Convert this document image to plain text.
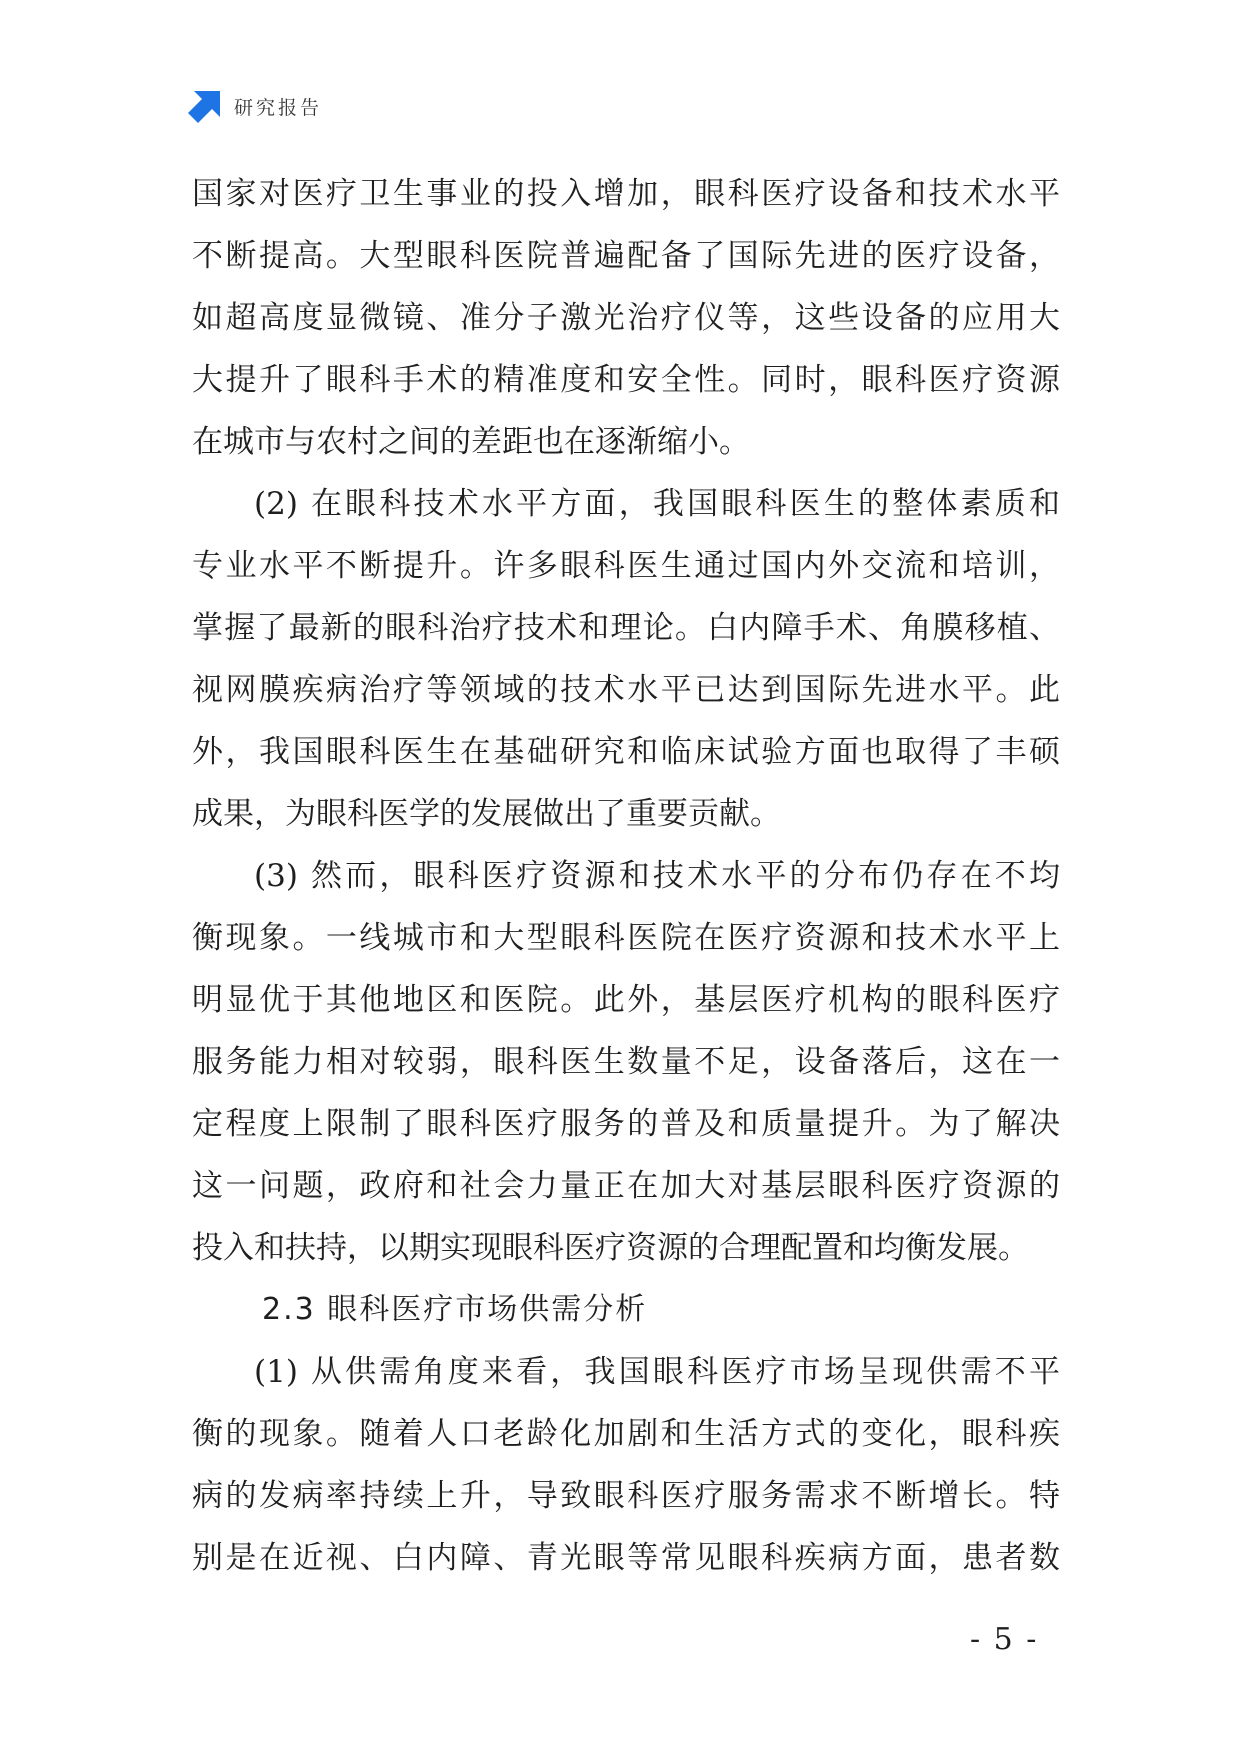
研究报告
国家对医疗卫生事业的投入增加，眼科医疗设备和技术水平
不断提高。大型眼科医院普遍配备了国际先进的医疗设备，
如超高度显微镜、准分子激光治疗仪等，这些设备的应用大
大提升了眼科手术的精准度和安全性。同时，眼科医疗资源
在城市与农村之间的差距也在逐渐缩小。
(2) 在眼科技术水平方面，我国眼科医生的整体素质和
专业水平不断提升。许多眼科医生通过国内外交流和培训，
掌握了最新的眼科治疗技术和理论。白内障手术、角膜移植、
视网膜疾病治疗等领域的技术水平已达到国际先进水平。此
外，我国眼科医生在基础研究和临床试验方面也取得了丰硕
成果，为眼科医学的发展做出了重要贡献。
(3) 然而，眼科医疗资源和技术水平的分布仍存在不均
衡现象。一线城市和大型眼科医院在医疗资源和技术水平上
明显优于其他地区和医院。此外，基层医疗机构的眼科医疗
服务能力相对较弱，眼科医生数量不足，设备落后，这在一
定程度上限制了眼科医疗服务的普及和质量提升。为了解决
这一问题，政府和社会力量正在加大对基层眼科医疗资源的
投入和扶持，以期实现眼科医疗资源的合理配置和均衡发展。
2.3 眼科医疗市场供需分析
(1) 从供需角度来看，我国眼科医疗市场呈现供需不平
衡的现象。随着人口老龄化加剧和生活方式的变化，眼科疾
病的发病率持续上升，导致眼科医疗服务需求不断增长。特
别是在近视、白内障、青光眼等常见眼科疾病方面，患者数
- 5 -
